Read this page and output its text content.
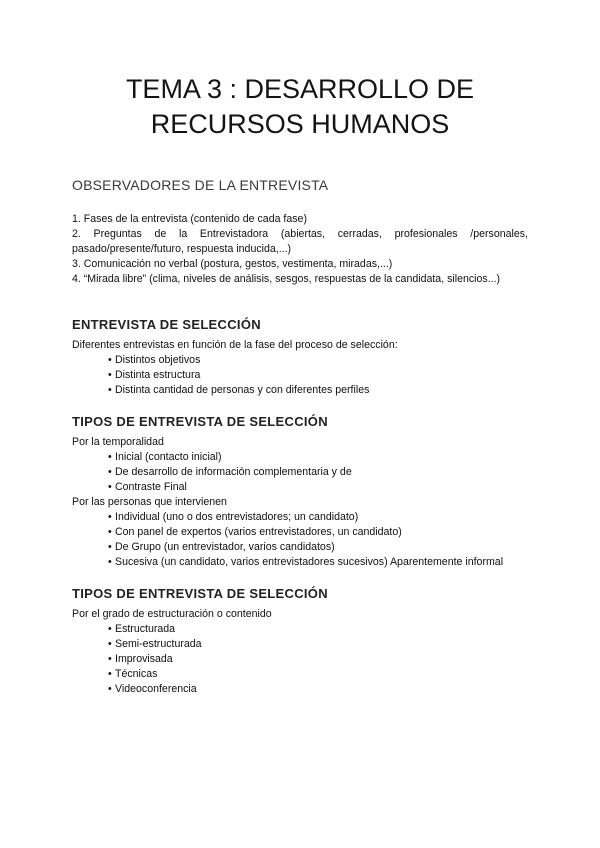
TEMA 3 : DESARROLLO DE
RECURSOS HUMANOS
OBSERVADORES DE LA ENTREVISTA

1. Fases de la entrevista (contenido de cada fase)

2. Preguntas de la Entrevistadora (abiertas, cerradas, profesionales /personales,

pasado/presente/futuro, respuesta inducida,...)

3. Comunicación no verbal (postura, gestos, vestimenta, miradas,...)

4. “Mirada libre” (clima, niveles de análisis, sesgos, respuestas de la candidata, silencios...)

ENTREVISTA DE SELECCIÓN

Diferentes entrevistas en función de la fase del proceso de selección:

• Distintos objetivos

• Distinta estructura

• Distinta cantidad de personas y con diferentes perfiles

TIPOS DE ENTREVISTA DE SELECCIÓN

Por la temporalidad

• Inicial (contacto inicial)

• De desarrollo de información complementaria y de

• Contraste Final

Por las personas que intervienen

• Individual (uno o dos entrevistadores; un candidato)

• Con panel de expertos (varios entrevistadores, un candidato)

• De Grupo (un entrevistador, varios candidatos)

• Sucesiva (un candidato, varios entrevistadores sucesivos) Aparentemente informal

TIPOS DE ENTREVISTA DE SELECCIÓN

Por el grado de estructuración o contenido

• Estructurada

• Semi-estructurada

• Improvisada

• Técnicas

• Videoconferencia
